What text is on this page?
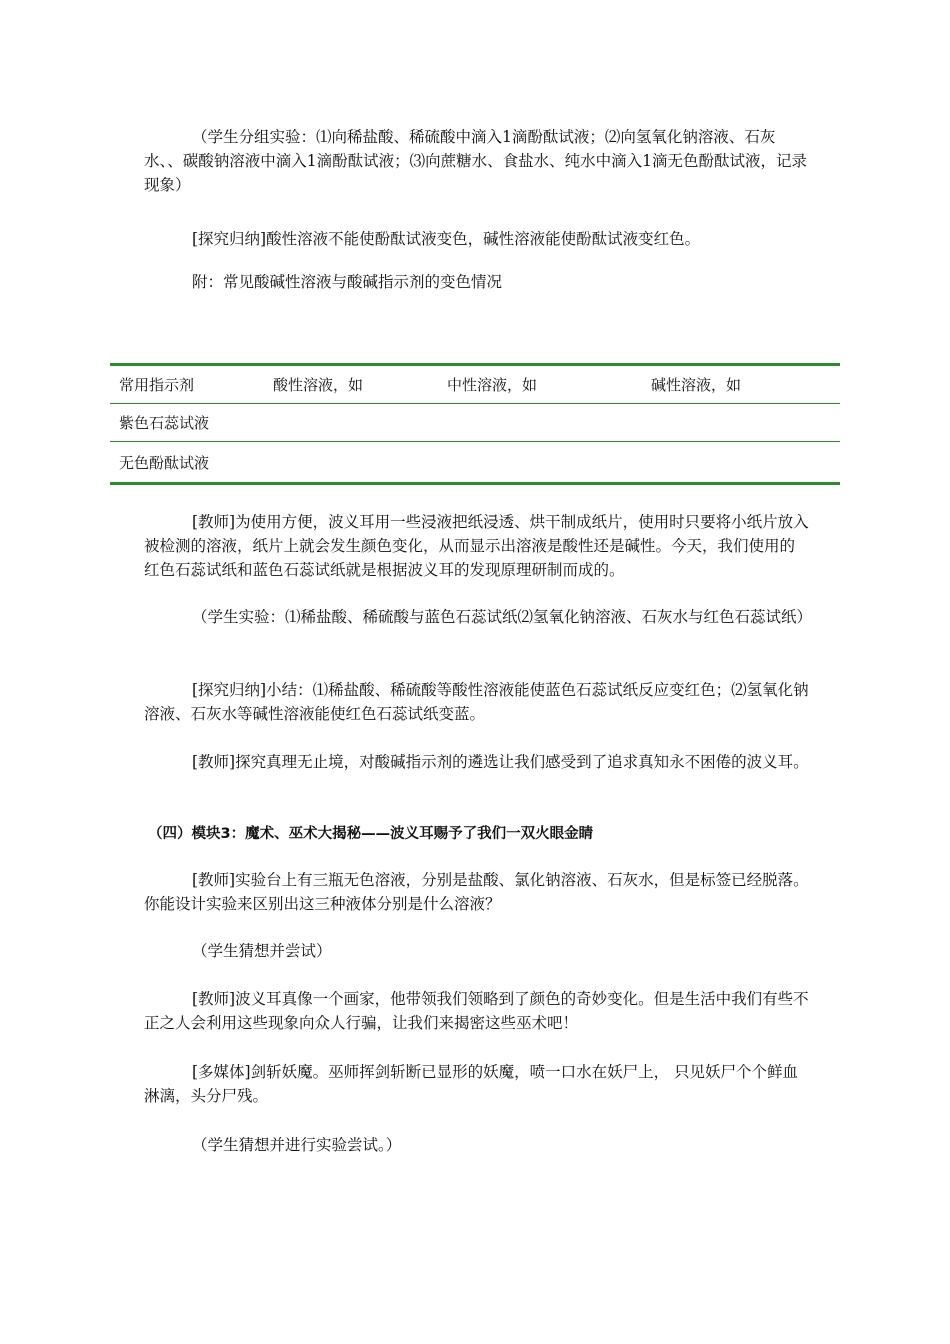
（学生分组实验：⑴向稀盐酸、稀硫酸中滴入1滴酚酞试液；⑵向氢氧化钠溶液、石灰水、、碳酸钠溶液中滴入1滴酚酞试液；⑶向蔗糖水、食盐水、纯水中滴入1滴无色酚酞试液，记录现象）

[探究归纳]酸性溶液不能使酚酞试液变色，碱性溶液能使酚酞试液变红色。

附：常见酸碱性溶液与酸碱指示剂的变色情况

常用指示剂	酸性溶液，如	中性溶液，如	碱性溶液，如
紫色石蕊试液			
无色酚酞试液			

[教师]为使用方便，波义耳用一些浸液把纸浸透、烘干制成纸片，使用时只要将小纸片放入被检测的溶液，纸片上就会发生颜色变化，从而显示出溶液是酸性还是碱性。今天，我们使用的红色石蕊试纸和蓝色石蕊试纸就是根据波义耳的发现原理研制而成的。

（学生实验：⑴稀盐酸、稀硫酸与蓝色石蕊试纸⑵氢氧化钠溶液、石灰水与红色石蕊试纸）

[探究归纳]小结：⑴稀盐酸、稀硫酸等酸性溶液能使蓝色石蕊试纸反应变红色；⑵氢氧化钠溶液、石灰水等碱性溶液能使红色石蕊试纸变蓝。

[教师]探究真理无止境，对酸碱指示剂的遴选让我们感受到了追求真知永不困倦的波义耳。

（四）模块3：魔术、巫术大揭秘——波义耳赐予了我们一双火眼金睛

[教师]实验台上有三瓶无色溶液，分别是盐酸、氯化钠溶液、石灰水，但是标签已经脱落。你能设计实验来区别出这三种液体分别是什么溶液？

（学生猜想并尝试）

[教师]波义耳真像一个画家，他带领我们领略到了颜色的奇妙变化。但是生活中我们有些不正之人会利用这些现象向众人行骗，让我们来揭密这些巫术吧！

[多媒体]剑斩妖魔。巫师挥剑斩断已显形的妖魔，喷一口水在妖尸上， 只见妖尸个个鲜血淋漓，头分尸残。

（学生猜想并进行实验尝试。）
